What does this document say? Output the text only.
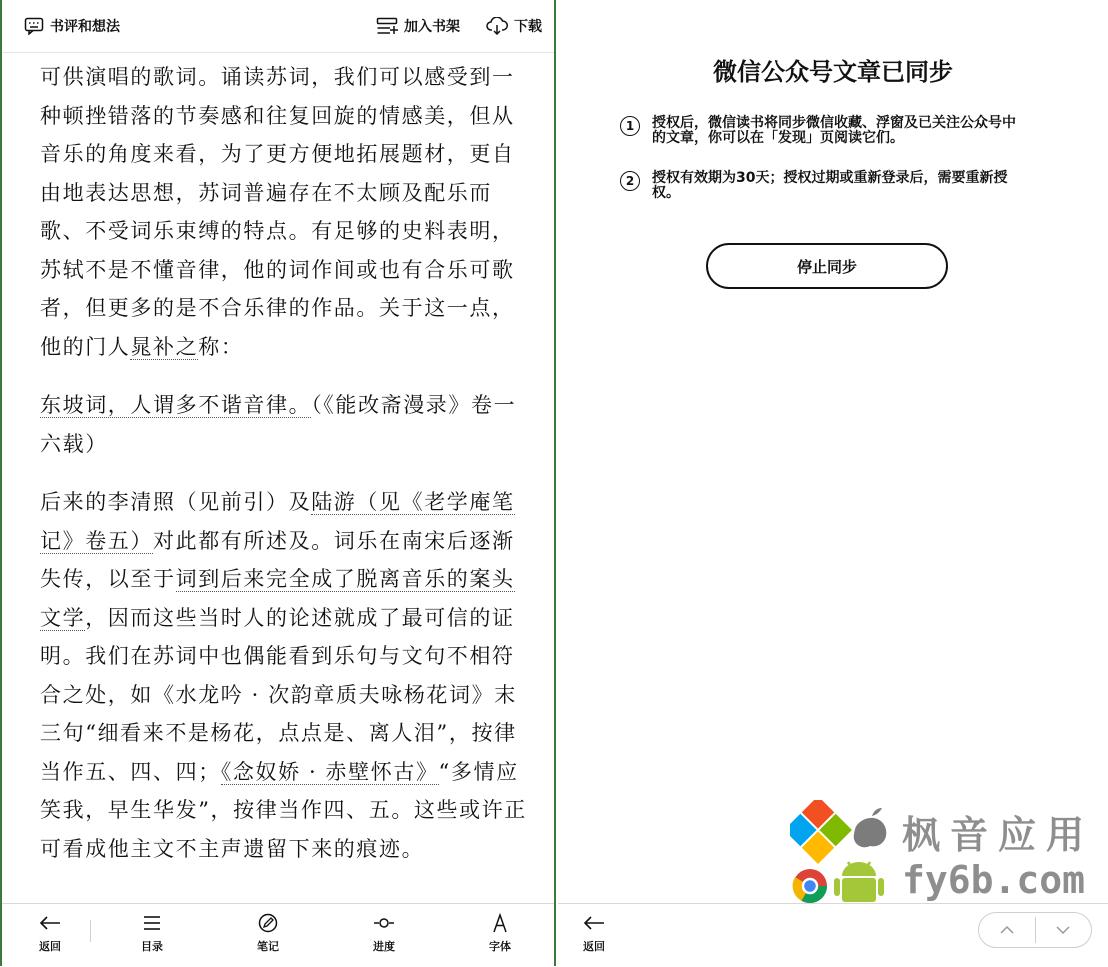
书评和想法	加入书架	下载

可供演唱的歌词。诵读苏词，我们可以感受到一种顿挫错落的节奏感和往复回旋的情感美，但从音乐的角度来看，为了更方便地拓展题材，更自由地表达思想，苏词普遍存在不太顾及配乐而歌、不受词乐束缚的特点。有足够的史料表明，苏轼不是不懂音律，他的词作间或也有合乐可歌者，但更多的是不合乐律的作品。关于这一点，他的门人晁补之称：

东坡词，人谓多不谐音律。（《能改斋漫录》卷一六载）

后来的李清照（见前引）及陆游（见《老学庵笔记》卷五）对此都有所述及。词乐在南宋后逐渐失传，以至于词到后来完全成了脱离音乐的案头文学，因而这些当时人的论述就成了最可信的证明。我们在苏词中也偶能看到乐句与文句不相符合之处，如《水龙吟 · 次韵章质夫咏杨花词》末三句“细看来不是杨花，点点是、离人泪”，按律当作五、四、四；《念奴娇 · 赤壁怀古》“多情应笑我，早生华发”，按律当作四、五。这些或许正可看成他主文不主声遗留下来的痕迹。

返回	目录	笔记	进度	字体
微信公众号文章已同步
1	授权后，微信读书将同步微信收藏、浮窗及已关注公众号中的文章，你可以在「发现」页阅读它们。
2	授权有效期为30天；授权过期或重新登录后，需要重新授权。
停止同步
枫音应用
fy6b.com
返回
